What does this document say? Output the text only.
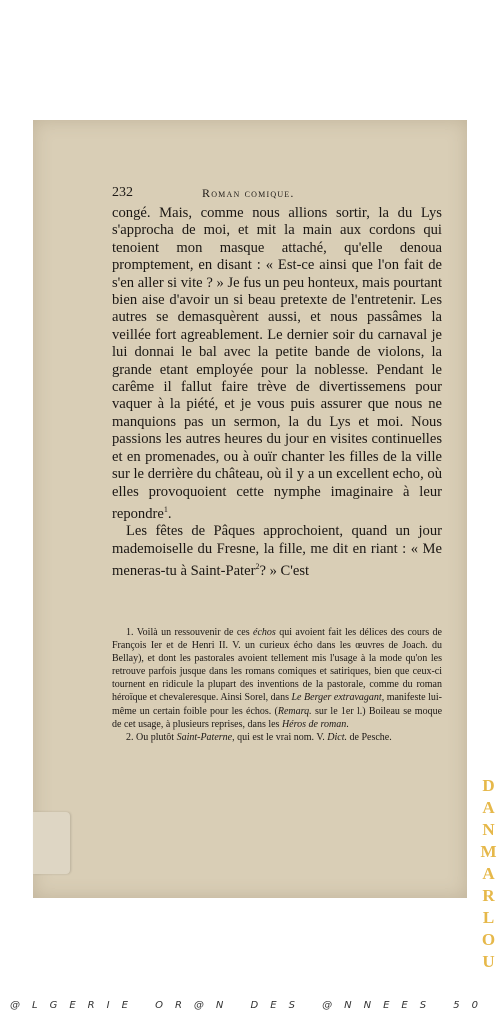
232	Roman comique.

congé. Mais, comme nous allions sortir, la du Lys s'approcha de moi, et mit la main aux cordons qui tenoient mon masque attaché, qu'elle denoua promptement, en disant : « Est-ce ainsi que l'on fait de s'en aller si vite ? » Je fus un peu honteux, mais pourtant bien aise d'avoir un si beau pretexte de l'entretenir. Les autres se demasquèrent aussi, et nous passâmes la veillée fort agreablement. Le dernier soir du carnaval je lui donnai le bal avec la petite bande de violons, la grande etant employée pour la noblesse. Pendant le carême il fallut faire trève de divertissemens pour vaquer à la piété, et je vous puis assurer que nous ne manquions pas un sermon, la du Lys et moi. Nous passions les autres heures du jour en visites continuelles et en promenades, ou à ouïr chanter les filles de la ville sur le derrière du château, où il y a un excellent echo, où elles provoquoient cette nymphe imaginaire à leur repondre$^1$.

Les fêtes de Pâques approchoient, quand un jour mademoiselle du Fresne, la fille, me dit en riant : « Me meneras-tu à Saint-Pater$^2$? » C'est

1. Voilà un ressouvenir de ces échos qui avoient fait les délices des cours de François Ier et de Henri II. V. un curieux écho dans les œuvres de Joach. du Bellay), et dont les pastorales avoient tellement mis l'usage à la mode qu'on les retrouve parfois jusque dans les romans comiques et satiriques, bien que ceux-ci tournent en ridicule la plupart des inventions de la pastorale, comme du roman héroïque et chevaleresque. Ainsi Sorel, dans Le Berger extravagant, manifeste lui-même un certain foible pour les échos. (Remarq. sur le 1er l.) Boileau se moque de cet usage, à plusieurs reprises, dans les Héros de roman.

2. Ou plutôt Saint-Paterne, qui est le vrai nom. V. Dict. de Pesche.

DANMARLOU
@LGERIE OR@N DES @NNEES 50
